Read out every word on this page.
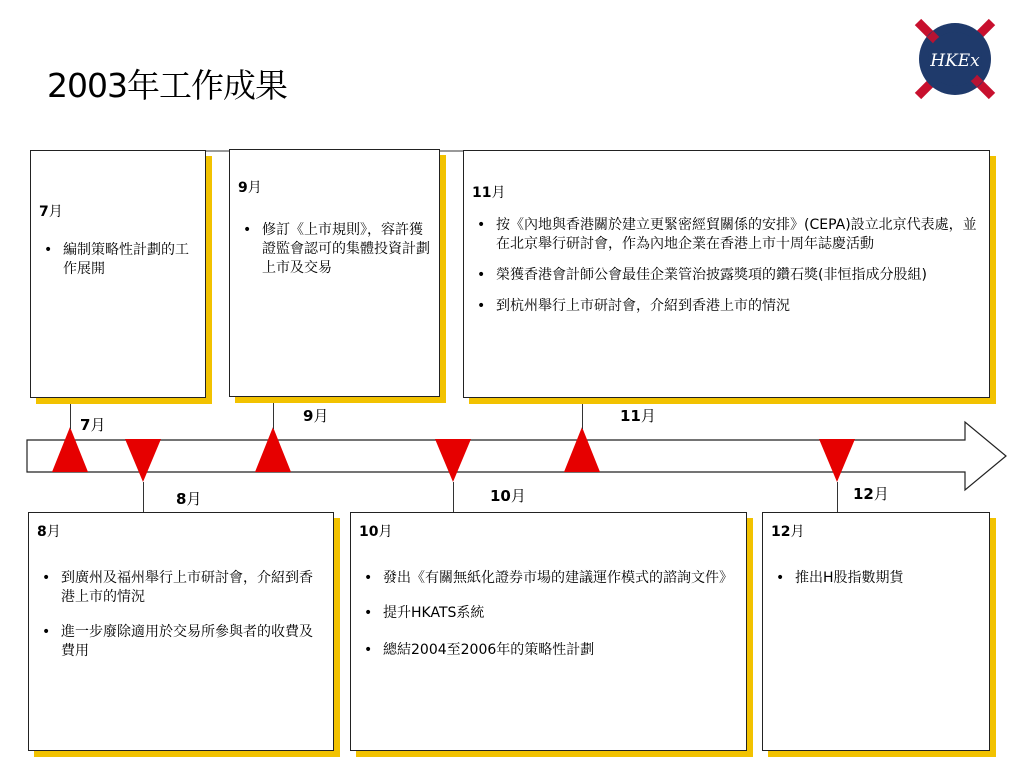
2003年工作成果
HKEx
7月	9月	11月
8月	10月	12月
7月
• 編制策略性計劃的工作展開
9月
• 修訂《上市規則》，容許獲證監會認可的集體投資計劃上市及交易
11月
• 按《內地與香港關於建立更緊密經貿關係的安排》(CEPA)設立北京代表處，並在北京舉行研討會，作為內地企業在香港上市十周年誌慶活動
• 榮獲香港會計師公會最佳企業管治披露獎項的鑽石獎(非恒指成分股組)
• 到杭州舉行上市研討會，介紹到香港上市的情況
8月
• 到廣州及福州舉行上市研討會，介紹到香港上市的情況
• 進一步廢除適用於交易所參與者的收費及費用
10月
• 發出《有關無紙化證券市場的建議運作模式的諮詢文件》
• 提升HKATS系統
• 總結2004至2006年的策略性計劃
12月
• 推出H股指數期貨
